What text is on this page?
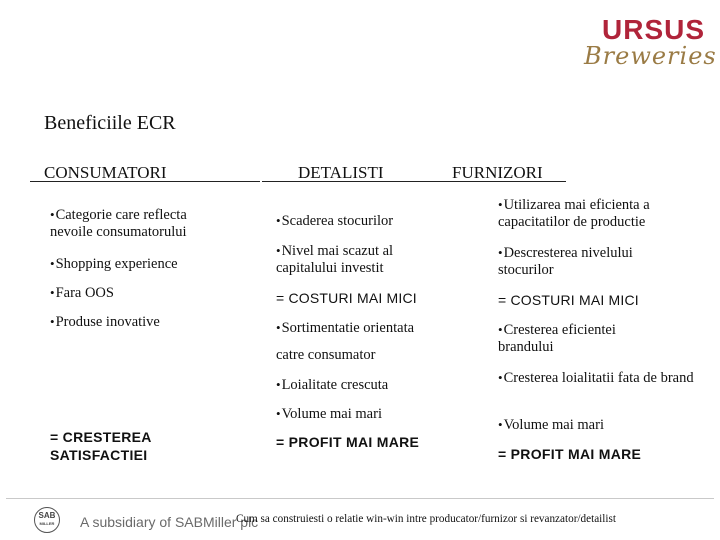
URSUS
Breweries
Beneficiile ECR
CONSUMATORI	DETALISTI	FURNIZORI
•Categorie care reflecta nevoile consumatorului
•Shopping experience
•Fara OOS
•Produse inovative
= CRESTEREA SATISFACTIEI
•Scaderea stocurilor
•Nivel mai scazut al capitalului investit
= COSTURI MAI MICI
•Sortimentatie orientata
catre consumator
•Loialitate crescuta
•Volume mai mari
= PROFIT MAI MARE
•Utilizarea mai eficienta a capacitatilor de productie
•Descresterea nivelului stocurilor
= COSTURI MAI MICI
•Cresterea eficientei brandului
•Cresterea loialitatii fata de brand
•Volume mai mari
= PROFIT MAI MARE
SAB
MILLER	A subsidiary of SABMiller plc
Cum sa construiesti o relatie win-win intre producator/furnizor si revanzator/detailist
